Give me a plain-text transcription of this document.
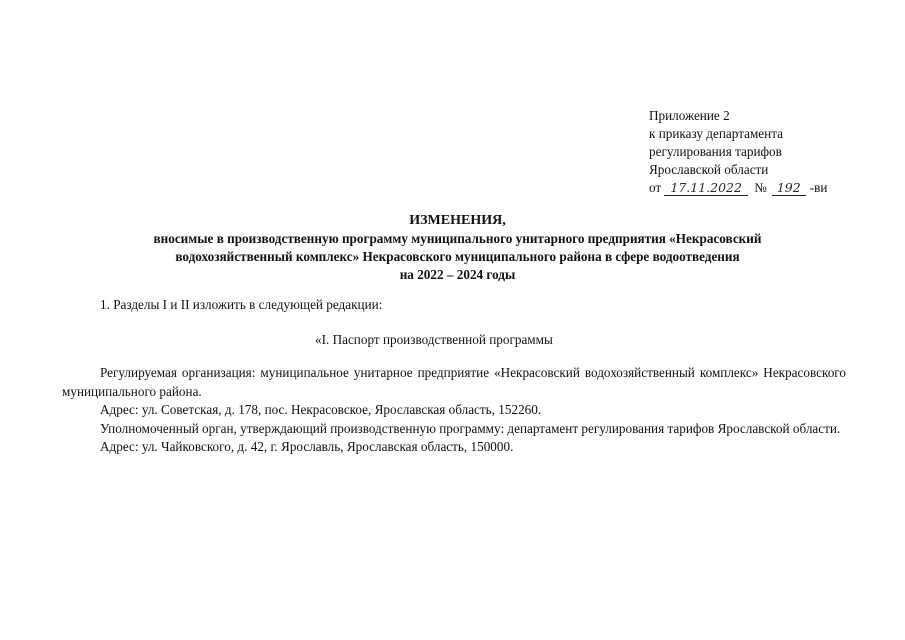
Приложение 2
к приказу департамента
регулирования тарифов
Ярославской области
от 17.11.2022 № 192 -ви
ИЗМЕНЕНИЯ,
вносимые в производственную программу муниципального унитарного предприятия «Некрасовский
водохозяйственный комплекс» Некрасовского муниципального района в сфере водоотведения
на 2022 – 2024 годы
1. Разделы I и II изложить в следующей редакции:
«I. Паспорт производственной программы

Регулируемая организация: муниципальное унитарное предприятие «Некрасовский водохозяйственный комплекс» Некрасовского муниципального района.

Адрес: ул. Советская, д. 178, пос. Некрасовское, Ярославская область, 152260.

Уполномоченный орган, утверждающий производственную программу: департамент регулирования тарифов Ярославской области.

Адрес: ул. Чайковского, д. 42, г. Ярославль, Ярославская область, 150000.
